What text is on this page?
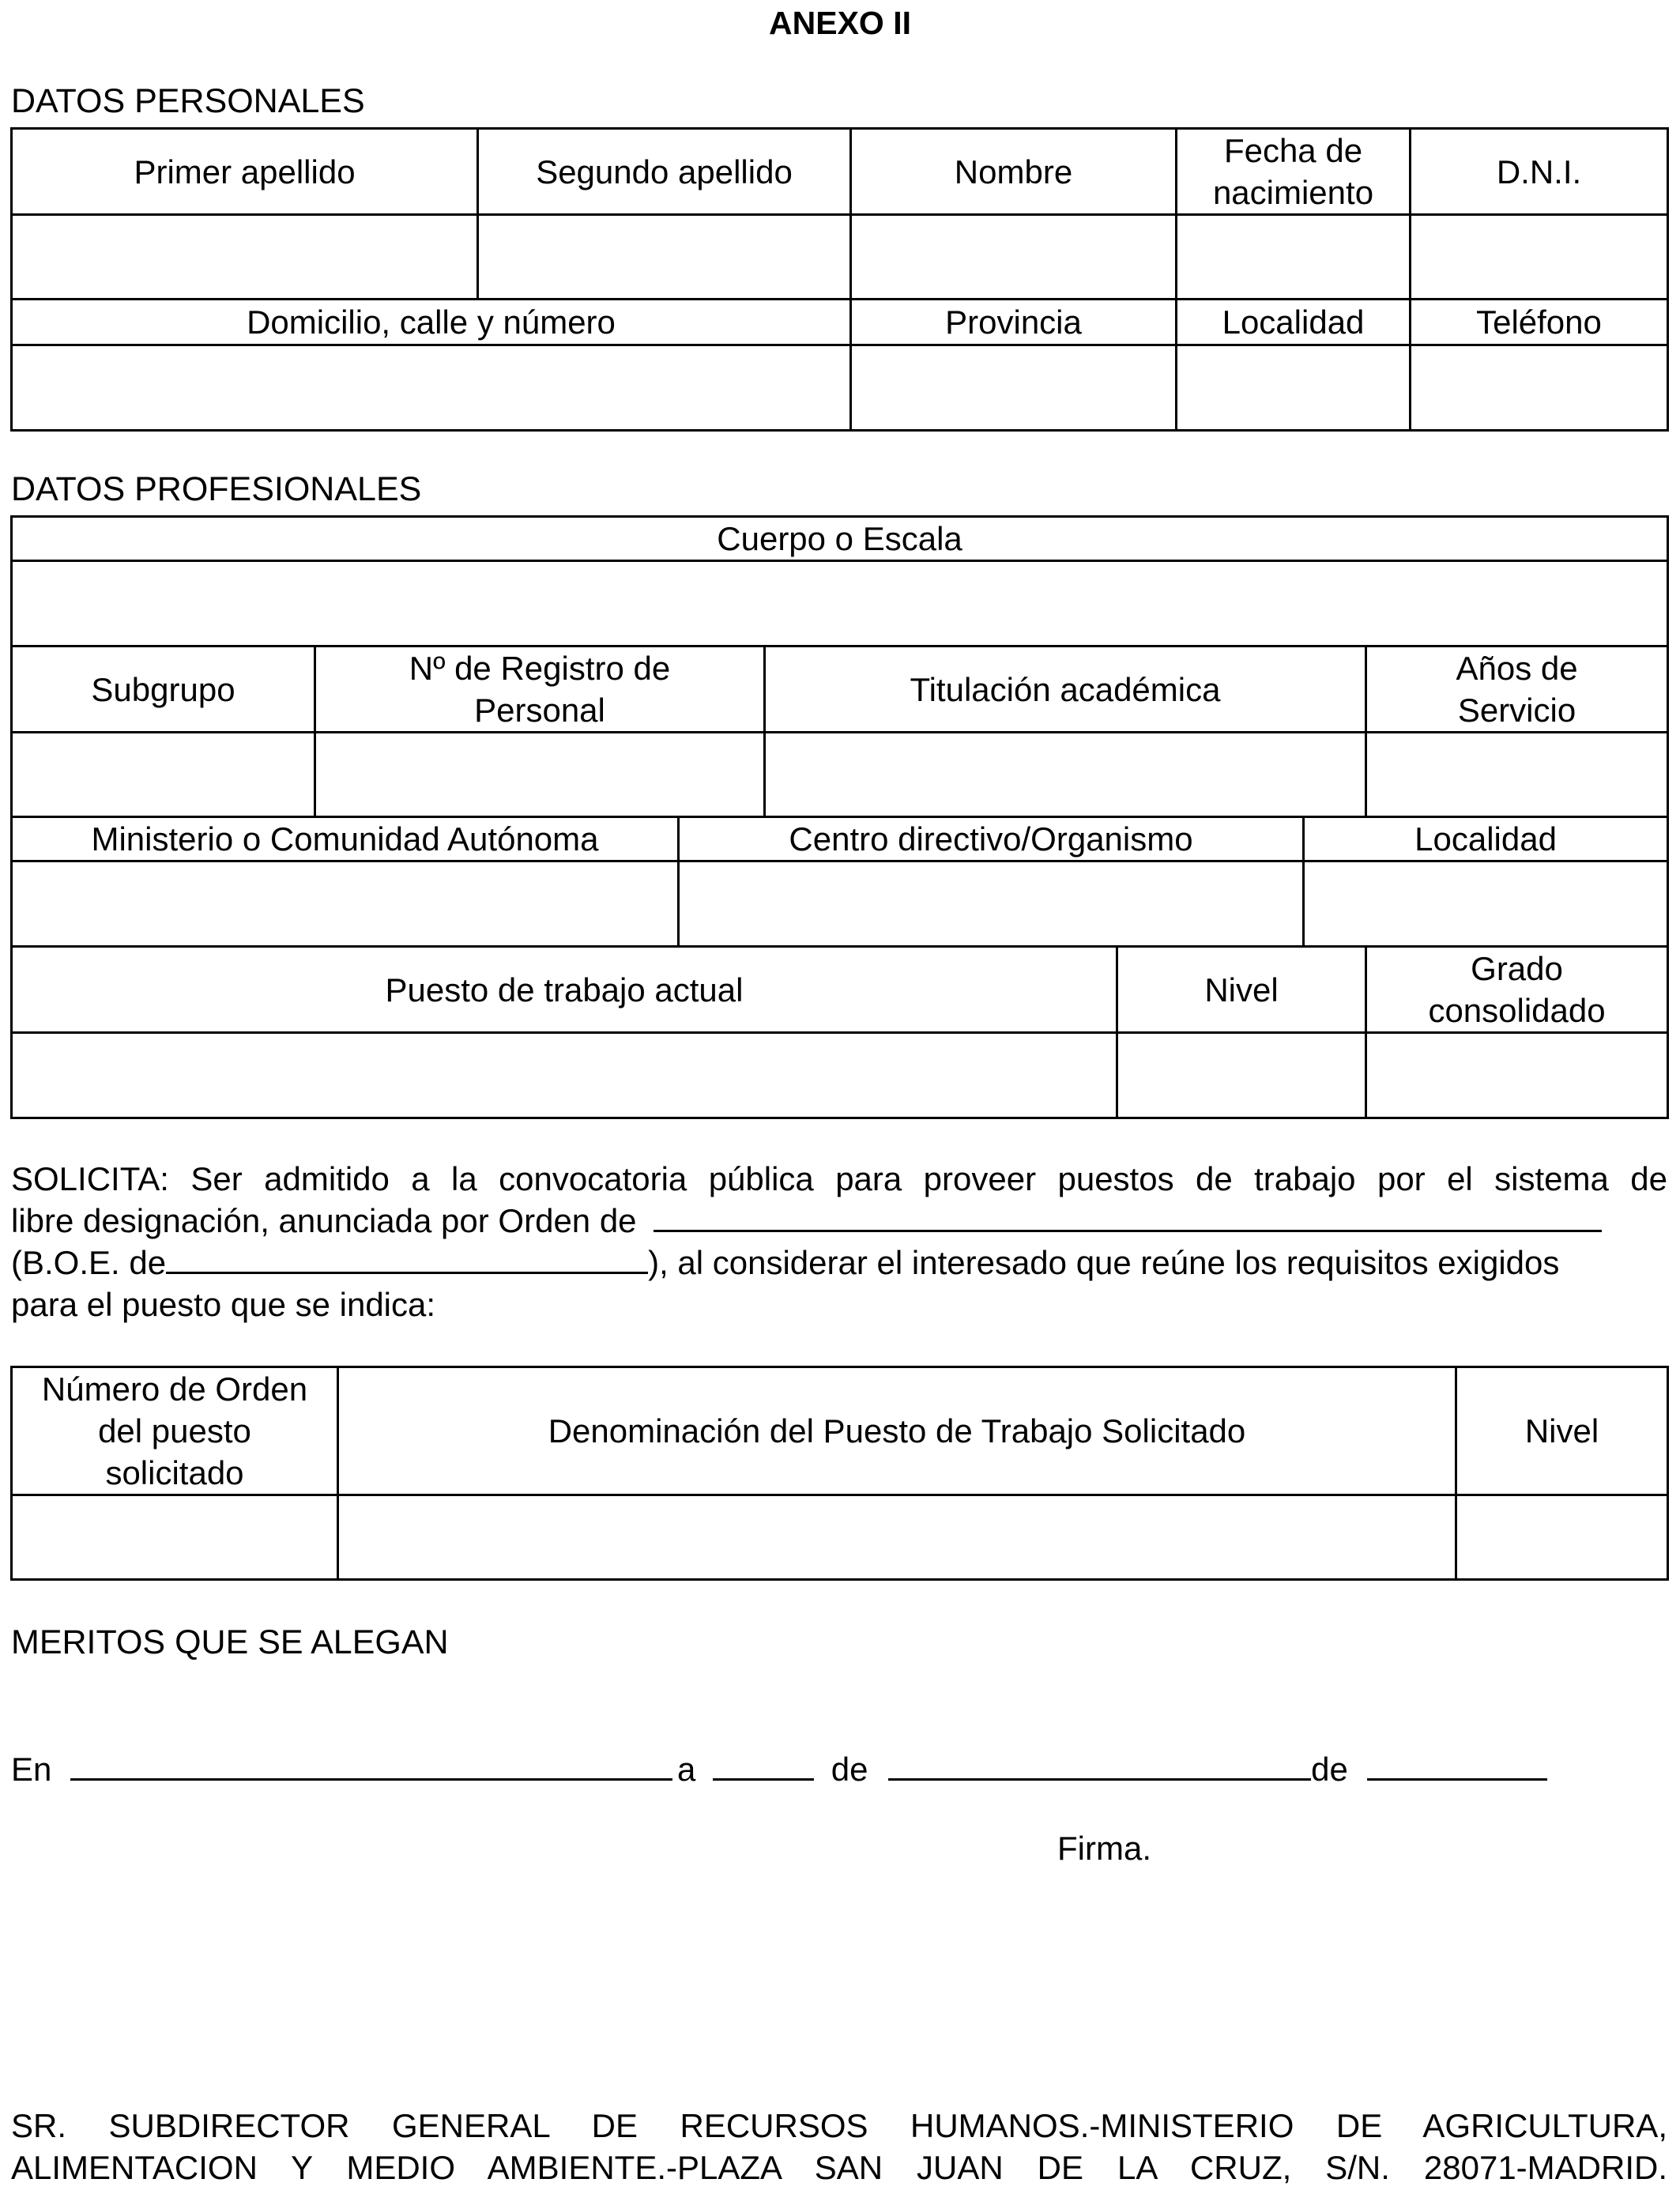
ANEXO II
DATOS PERSONALES
Primer apellido	Segundo apellido	Nombre	Fecha de nacimiento	D.N.I.

Domicilio, calle y número		Provincia	Localidad	Teléfono

DATOS PROFESIONALES
Cuerpo o Escala						

Subgrupo	Nº de Registro de Personal		Titulación académica			Años de Servicio

Ministerio o Comunidad Autónoma		Centro directivo/Organismo			Localidad	

Puesto de trabajo actual				Nivel		Grado consolidado

SOLICITA: Ser admitido a la convocatoria pública para proveer puestos de trabajo por el sistema de

libre designación, anunciada por Orden de

(B.O.E. de	), al considerar el interesado que reúne los requisitos exigidos

para el puesto que se indica:

Número de Orden del puesto solicitado	Denominación del Puesto de Trabajo Solicitado	Nivel

MERITOS QUE SE ALEGAN
En	a	de	de
Firma.

SR. SUBDIRECTOR GENERAL DE RECURSOS HUMANOS.-MINISTERIO DE AGRICULTURA,

ALIMENTACION Y MEDIO AMBIENTE.-PLAZA SAN JUAN DE LA CRUZ, S/N. 28071-MADRID.
